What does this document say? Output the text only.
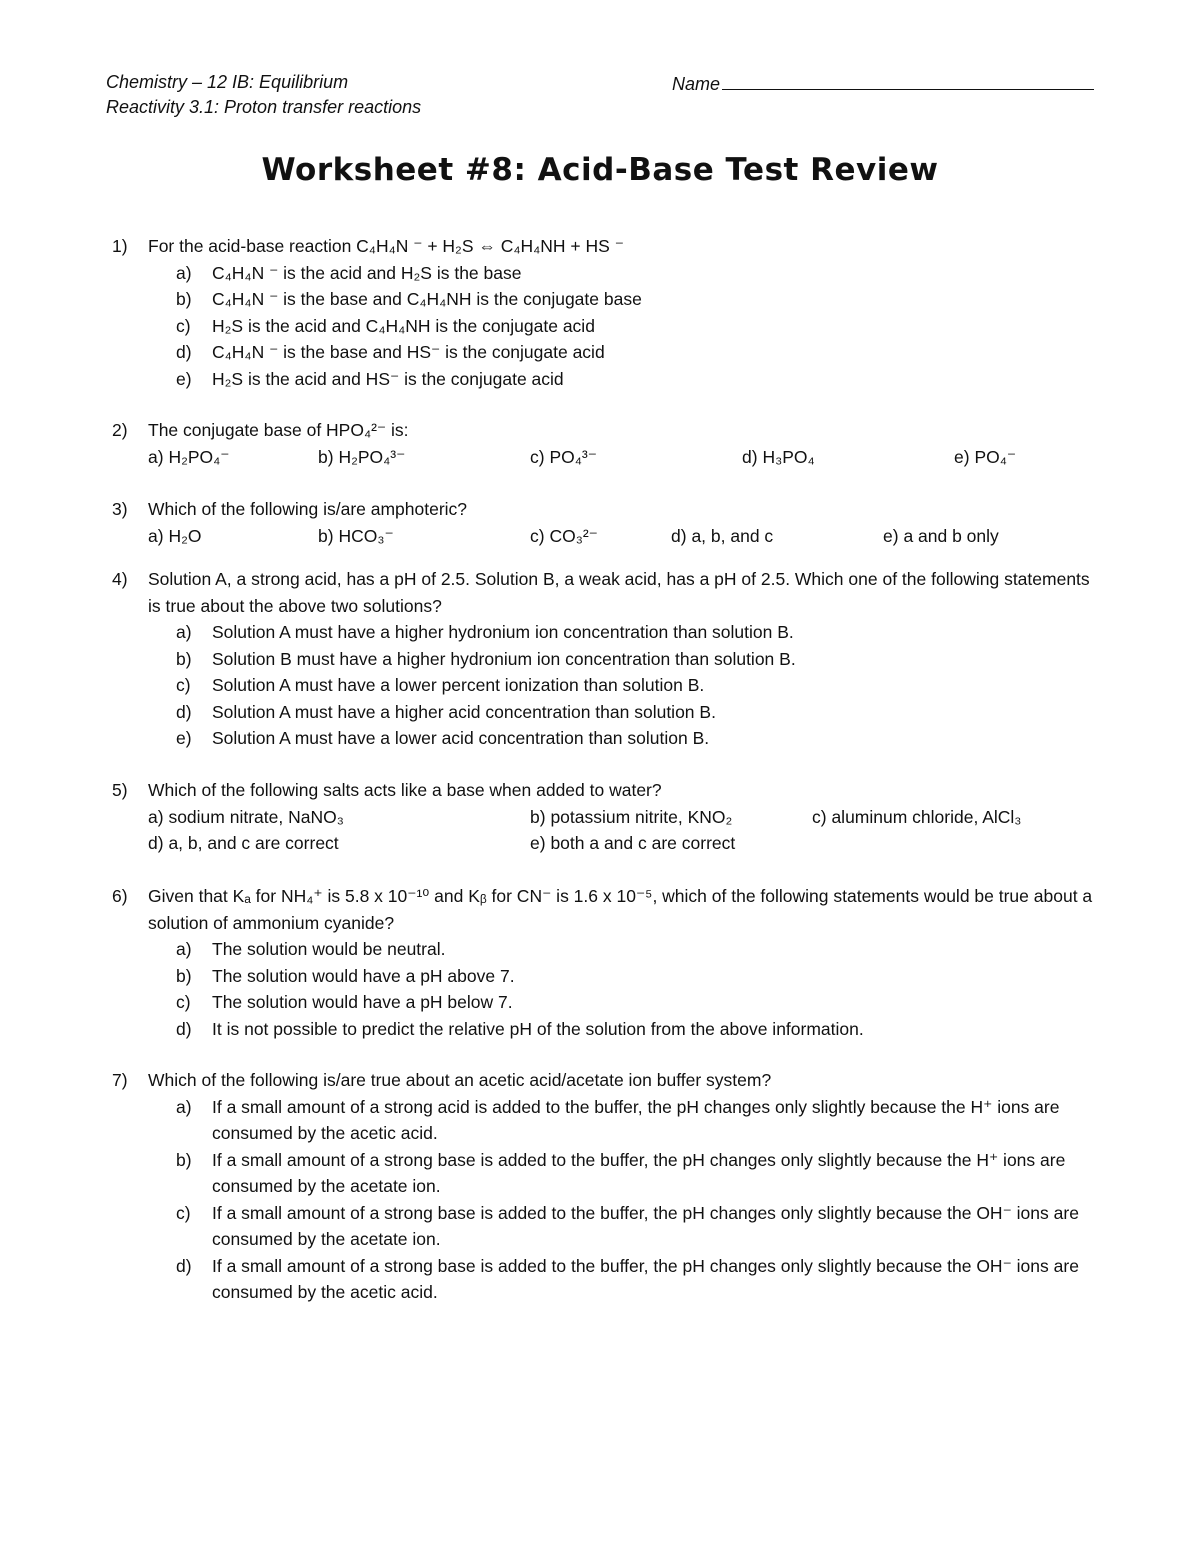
Chemistry – 12 IB: Equilibrium
Reactivity 3.1: Proton transfer reactions
Name
Worksheet #8: Acid-Base Test Review
1) For the acid-base reaction C₄H₄N ⁻ + H₂S ⇔ C₄H₄NH + HS ⁻
a) C₄H₄N ⁻ is the acid and H₂S is the base
b) C₄H₄N ⁻ is the base and C₄H₄NH is the conjugate base
c) H₂S is the acid and C₄H₄NH is the conjugate acid
d) C₄H₄N ⁻ is the base and HS⁻ is the conjugate acid
e) H₂S is the acid and HS⁻ is the conjugate acid
2) The conjugate base of HPO₄²⁻ is:
a) H₂PO₄⁻	b) H₂PO₄³⁻	c) PO₄³⁻	d) H₃PO₄	e) PO₄⁻
3) Which of the following is/are amphoteric?
a) H₂O	b) HCO₃⁻	c) CO₃²⁻	d) a, b, and c	e) a and b only
4) Solution A, a strong acid, has a pH of 2.5. Solution B, a weak acid, has a pH of 2.5. Which one of the following statements is true about the above two solutions?
a) Solution A must have a higher hydronium ion concentration than solution B.
b) Solution B must have a higher hydronium ion concentration than solution B.
c) Solution A must have a lower percent ionization than solution B.
d) Solution A must have a higher acid concentration than solution B.
e) Solution A must have a lower acid concentration than solution B.
5) Which of the following salts acts like a base when added to water?
a) sodium nitrate, NaNO₃	b) potassium nitrite, KNO₂	c) aluminum chloride, AlCl₃
d) a, b, and c are correct	e) both a and c are correct
6) Given that Kₐ for NH₄⁺ is 5.8 x 10⁻¹⁰ and Kᵦ for CN⁻ is 1.6 x 10⁻⁵, which of the following statements would be true about a solution of ammonium cyanide?
a) The solution would be neutral.
b) The solution would have a pH above 7.
c) The solution would have a pH below 7.
d) It is not possible to predict the relative pH of the solution from the above information.
7) Which of the following is/are true about an acetic acid/acetate ion buffer system?
a) If a small amount of a strong acid is added to the buffer, the pH changes only slightly because the H⁺ ions are consumed by the acetic acid.
b) If a small amount of a strong base is added to the buffer, the pH changes only slightly because the H⁺ ions are consumed by the acetate ion.
c) If a small amount of a strong base is added to the buffer, the pH changes only slightly because the OH⁻ ions are consumed by the acetate ion.
d) If a small amount of a strong base is added to the buffer, the pH changes only slightly because the OH⁻ ions are consumed by the acetic acid.
